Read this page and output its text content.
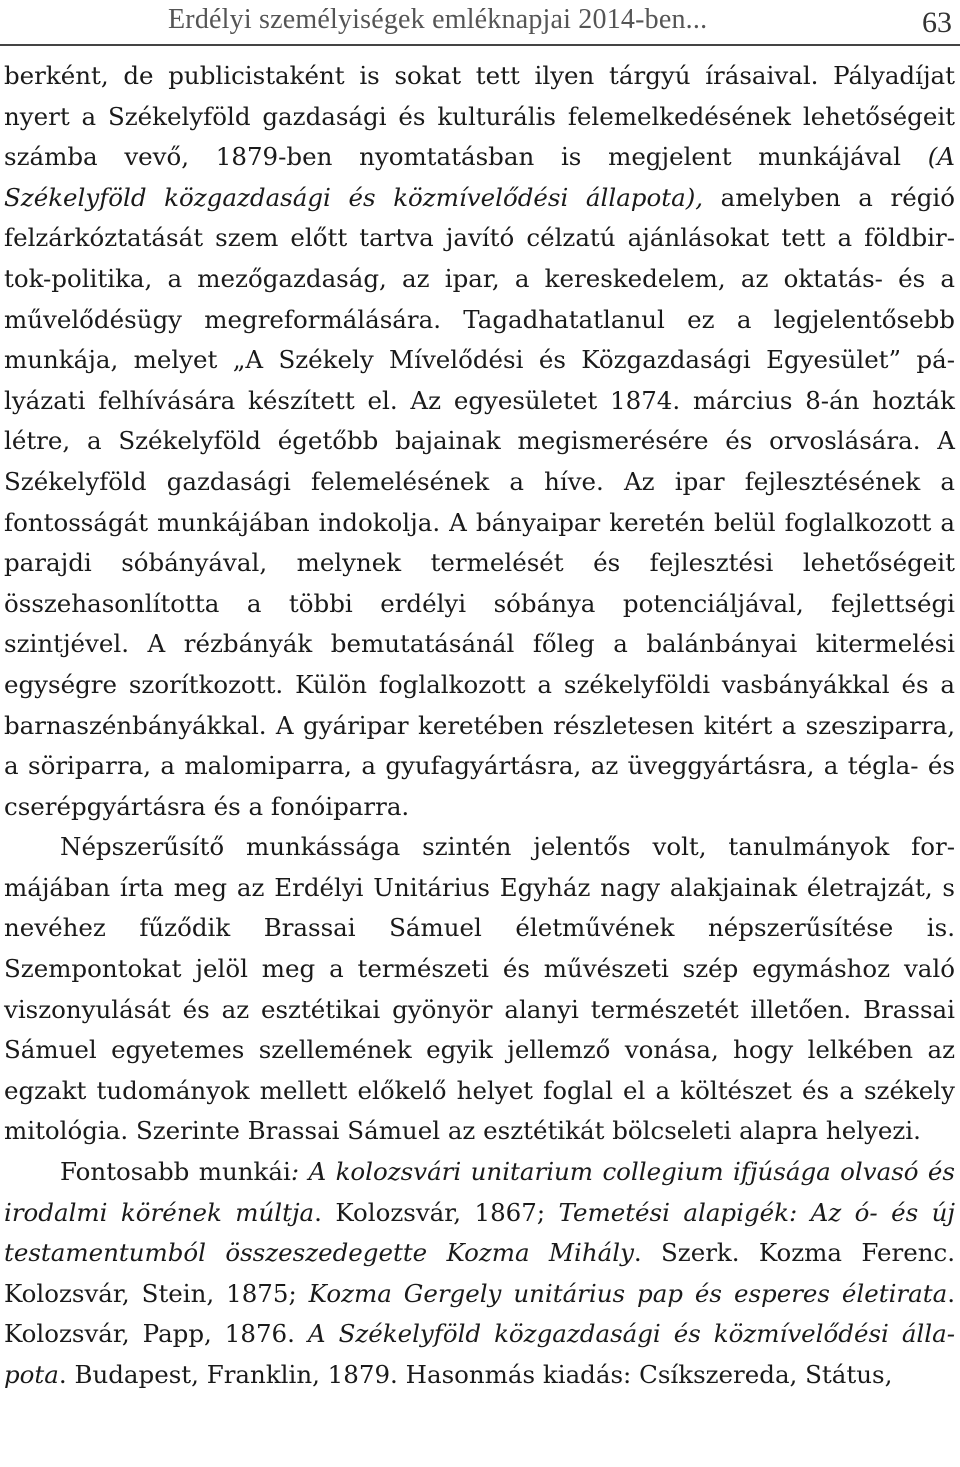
Erdélyi személyiségek emléknapjai 2014-ben...	63

berként, de publicistaként is sokat tett ilyen tárgyú írásaival. Pályadíjat nyert a Székelyföld gazdasági és kulturális felemelkedésének lehetőségeit számba vevő, 1879-ben nyomtatásban is megjelent munkájával (A Székelyföld közgazdasági és közmívelődési állapota), amelyben a régió felzárkóztatását szem előtt tartva javító célzatú ajánlásokat tett a földbirtok-politika, a mezőgazdaság, az ipar, a kereskedelem, az oktatás- és a művelődésügy megreformálására. Tagadhatatlanul ez a legjelentősebb munkája, melyet „A Székely Mívelődési és Közgazdasági Egyesület” pályázati felhívására készített el. Az egyesületet 1874. március 8-án hozták létre, a Székelyföld égetőbb bajainak megismerésére és orvoslására. A Székelyföld gazdasági felemelésének a híve. Az ipar fejlesztésének a fontosságát munkájában indokolja. A bányaipar keretén belül foglalkozott a parajdi sóbányával, melynek termelését és fejlesztési lehetőségeit összehasonlította a többi erdélyi sóbánya potenciáljával, fejlettségi szintjével. A rézbányák bemutatásánál főleg a balánbányai kitermelési egységre szorítkozott. Külön foglalkozott a székelyföldi vasbányákkal és a barnaszénbányákkal. A gyáripar keretében részletesen kitért a szesziparra, a söriparra, a malomiparra, a gyufagyártásra, az üveggyártásra, a tégla- és cserépgyártásra és a fonóiparra.

Népszerűsítő munkássága szintén jelentős volt, tanulmányok formájában írta meg az Erdélyi Unitárius Egyház nagy alakjainak életrajzát, s nevéhez fűződik Brassai Sámuel életművének népszerűsítése is. Szempontokat jelöl meg a természeti és művészeti szép egymáshoz való viszonyulását és az esztétikai gyönyör alanyi természetét illetően. Brassai Sámuel egyetemes szellemének egyik jellemző vonása, hogy lelkében az egzakt tudományok mellett előkelő helyet foglal el a költészet és a székely mitológia. Szerinte Brassai Sámuel az esztétikát bölcseleti alapra helyezi.

Fontosabb munkái: A kolozsvári unitarium collegium ifjúsága olvasó és irodalmi körének múltja. Kolozsvár, 1867; Temetési alapigék: Az ó- és új testamentumból összeszedegette Kozma Mihály. Szerk. Kozma Ferenc. Kolozsvár, Stein, 1875; Kozma Gergely unitárius pap és esperes életirata. Kolozsvár, Papp, 1876. A Székelyföld közgazdasági és közmívelődési állapota. Budapest, Franklin, 1879. Hasonmás kiadás: Csíkszereda, Státus,
